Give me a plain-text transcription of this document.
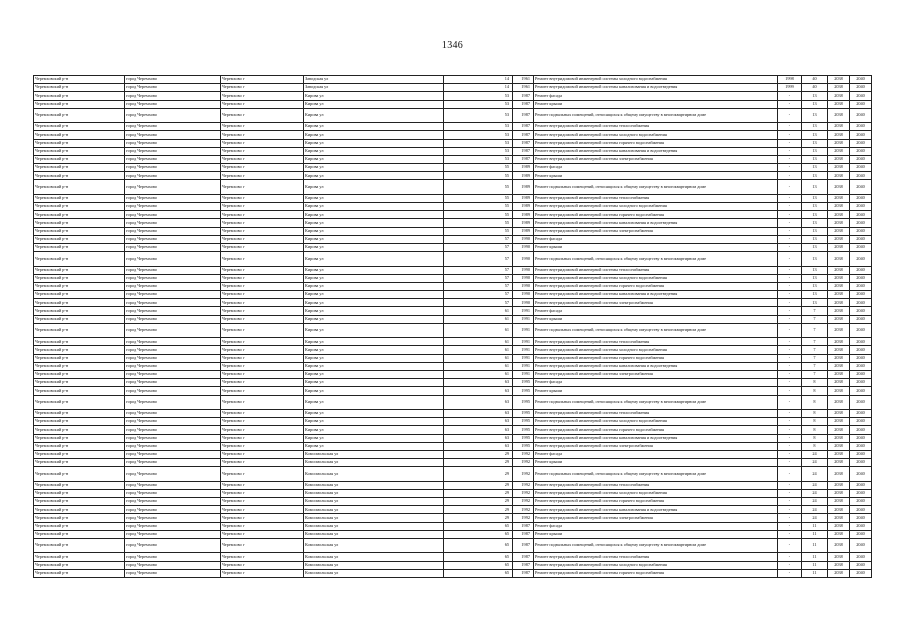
1346
Черемховский р-н	город Черемхово	Черемхово г	Заводская ул	14	1961	Ремонт внутридомовой инженерной системы холодного водоснабжения	1998	40	2038	2040
Черемховский р-н	город Черемхово	Черемхово г	Заводская ул	14	1961	Ремонт внутридомовой инженерной системы канализования и водоотведения	1999	40	2038	2040
Черемховский р-н	город Черемхово	Черемхово г	Кирова ул	53	1987	Ремонт фасада	-	13	2038	2040
Черемховский р-н	город Черемхово	Черемхово г	Кирова ул	53	1987	Ремонт крыши	-	13	2038	2040
Черемховский р-н	город Черемхово	Черемхово г	Кирова ул	53	1987	Ремонт подвальных помещений, относящихся к общему имуществу в многоквартирном доме	-	13	2038	2040
Черемховский р-н	город Черемхово	Черемхово г	Кирова ул	53	1987	Ремонт внутридомовой инженерной системы теплоснабжения	-	13	2038	2040
Черемховский р-н	город Черемхово	Черемхово г	Кирова ул	53	1987	Ремонт внутридомовой инженерной системы холодного водоснабжения	-	13	2038	2040
Черемховский р-н	город Черемхово	Черемхово г	Кирова ул	53	1987	Ремонт внутридомовой инженерной системы горячего водоснабжения	-	13	2038	2040
Черемховский р-н	город Черемхово	Черемхово г	Кирова ул	53	1987	Ремонт внутридомовой инженерной системы канализования и водоотведения	-	13	2038	2040
Черемховский р-н	город Черемхово	Черемхово г	Кирова ул	53	1987	Ремонт внутридомовой инженерной системы электроснабжения	-	13	2038	2040
Черемховский р-н	город Черемхово	Черемхово г	Кирова ул	55	1989	Ремонт фасада	-	13	2038	2040
Черемховский р-н	город Черемхово	Черемхово г	Кирова ул	55	1989	Ремонт крыши	-	13	2038	2040
Черемховский р-н	город Черемхово	Черемхово г	Кирова ул	55	1989	Ремонт подвальных помещений, относящихся к общему имуществу в многоквартирном доме	-	13	2038	2040
Черемховский р-н	город Черемхово	Черемхово г	Кирова ул	55	1989	Ремонт внутридомовой инженерной системы теплоснабжения	-	13	2038	2040
Черемховский р-н	город Черемхово	Черемхово г	Кирова ул	55	1989	Ремонт внутридомовой инженерной системы холодного водоснабжения	-	13	2038	2040
Черемховский р-н	город Черемхово	Черемхово г	Кирова ул	55	1989	Ремонт внутридомовой инженерной системы горячего водоснабжения	-	13	2038	2040
Черемховский р-н	город Черемхово	Черемхово г	Кирова ул	55	1989	Ремонт внутридомовой инженерной системы канализования и водоотведения	-	13	2038	2040
Черемховский р-н	город Черемхово	Черемхово г	Кирова ул	55	1989	Ремонт внутридомовой инженерной системы электроснабжения	-	13	2038	2040
Черемховский р-н	город Черемхово	Черемхово г	Кирова ул	57	1990	Ремонт фасада	-	13	2038	2040
Черемховский р-н	город Черемхово	Черемхово г	Кирова ул	57	1990	Ремонт крыши	-	13	2038	2040
Черемховский р-н	город Черемхово	Черемхово г	Кирова ул	57	1990	Ремонт подвальных помещений, относящихся к общему имуществу в многоквартирном доме	-	13	2038	2040
Черемховский р-н	город Черемхово	Черемхово г	Кирова ул	57	1990	Ремонт внутридомовой инженерной системы теплоснабжения	-	13	2038	2040
Черемховский р-н	город Черемхово	Черемхово г	Кирова ул	57	1990	Ремонт внутридомовой инженерной системы холодного водоснабжения	-	13	2038	2040
Черемховский р-н	город Черемхово	Черемхово г	Кирова ул	57	1990	Ремонт внутридомовой инженерной системы горячего водоснабжения	-	13	2038	2040
Черемховский р-н	город Черемхово	Черемхово г	Кирова ул	57	1990	Ремонт внутридомовой инженерной системы канализования и водоотведения	-	13	2038	2040
Черемховский р-н	город Черемхово	Черемхово г	Кирова ул	57	1990	Ремонт внутридомовой инженерной системы электроснабжения	-	13	2038	2040
Черемховский р-н	город Черемхово	Черемхово г	Кирова ул	61	1991	Ремонт фасада	-	7	2038	2040
Черемховский р-н	город Черемхово	Черемхово г	Кирова ул	61	1991	Ремонт крыши	-	7	2038	2040
Черемховский р-н	город Черемхово	Черемхово г	Кирова ул	61	1991	Ремонт подвальных помещений, относящихся к общему имуществу в многоквартирном доме	-	7	2038	2040
Черемховский р-н	город Черемхово	Черемхово г	Кирова ул	61	1991	Ремонт внутридомовой инженерной системы теплоснабжения	-	7	2038	2040
Черемховский р-н	город Черемхово	Черемхово г	Кирова ул	61	1991	Ремонт внутридомовой инженерной системы холодного водоснабжения	-	7	2038	2040
Черемховский р-н	город Черемхово	Черемхово г	Кирова ул	61	1991	Ремонт внутридомовой инженерной системы горячего водоснабжения	-	7	2038	2040
Черемховский р-н	город Черемхово	Черемхово г	Кирова ул	61	1991	Ремонт внутридомовой инженерной системы канализования и водоотведения	-	7	2038	2040
Черемховский р-н	город Черемхово	Черемхово г	Кирова ул	61	1991	Ремонт внутридомовой инженерной системы электроснабжения	-	7	2038	2040
Черемховский р-н	город Черемхово	Черемхово г	Кирова ул	63	1995	Ремонт фасада	-	8	2038	2040
Черемховский р-н	город Черемхово	Черемхово г	Кирова ул	63	1995	Ремонт крыши	-	8	2038	2040
Черемховский р-н	город Черемхово	Черемхово г	Кирова ул	63	1995	Ремонт подвальных помещений, относящихся к общему имуществу в многоквартирном доме	-	8	2038	2040
Черемховский р-н	город Черемхово	Черемхово г	Кирова ул	63	1995	Ремонт внутридомовой инженерной системы теплоснабжения	-	8	2038	2040
Черемховский р-н	город Черемхово	Черемхово г	Кирова ул	63	1995	Ремонт внутридомовой инженерной системы холодного водоснабжения	-	8	2038	2040
Черемховский р-н	город Черемхово	Черемхово г	Кирова ул	63	1995	Ремонт внутридомовой инженерной системы горячего водоснабжения	-	8	2038	2040
Черемховский р-н	город Черемхово	Черемхово г	Кирова ул	63	1995	Ремонт внутридомовой инженерной системы канализования и водоотведения	-	8	2038	2040
Черемховский р-н	город Черемхово	Черемхово г	Кирова ул	63	1995	Ремонт внутридомовой инженерной системы электроснабжения	-	8	2038	2040
Черемховский р-н	город Черемхово	Черемхово г	Комсомольская ул	29	1992	Ремонт фасада	-	24	2038	2040
Черемховский р-н	город Черемхово	Черемхово г	Комсомольская ул	29	1992	Ремонт крыши	-	24	2038	2040
Черемховский р-н	город Черемхово	Черемхово г	Комсомольская ул	29	1992	Ремонт подвальных помещений, относящихся к общему имуществу в многоквартирном доме	-	24	2038	2040
Черемховский р-н	город Черемхово	Черемхово г	Комсомольская ул	29	1992	Ремонт внутридомовой инженерной системы теплоснабжения	-	24	2038	2040
Черемховский р-н	город Черемхово	Черемхово г	Комсомольская ул	29	1992	Ремонт внутридомовой инженерной системы холодного водоснабжения	-	24	2038	2040
Черемховский р-н	город Черемхово	Черемхово г	Комсомольская ул	29	1992	Ремонт внутридомовой инженерной системы горячего водоснабжения	-	24	2038	2040
Черемховский р-н	город Черемхово	Черемхово г	Комсомольская ул	29	1992	Ремонт внутридомовой инженерной системы канализования и водоотведения	-	24	2038	2040
Черемховский р-н	город Черемхово	Черемхово г	Комсомольская ул	29	1992	Ремонт внутридомовой инженерной системы электроснабжения	-	24	2038	2040
Черемховский р-н	город Черемхово	Черемхово г	Комсомольская ул	65	1987	Ремонт фасада	-	11	2038	2040
Черемховский р-н	город Черемхово	Черемхово г	Комсомольская ул	65	1987	Ремонт крыши	-	11	2038	2040
Черемховский р-н	город Черемхово	Черемхово г	Комсомольская ул	65	1987	Ремонт подвальных помещений, относящихся к общему имуществу в многоквартирном доме	-	11	2038	2040
Черемховский р-н	город Черемхово	Черемхово г	Комсомольская ул	65	1987	Ремонт внутридомовой инженерной системы теплоснабжения	-	11	2038	2040
Черемховский р-н	город Черемхово	Черемхово г	Комсомольская ул	65	1987	Ремонт внутридомовой инженерной системы холодного водоснабжения	-	11	2038	2040
Черемховский р-н	город Черемхово	Черемхово г	Комсомольская ул	65	1987	Ремонт внутридомовой инженерной системы горячего водоснабжения	-	11	2038	2040
